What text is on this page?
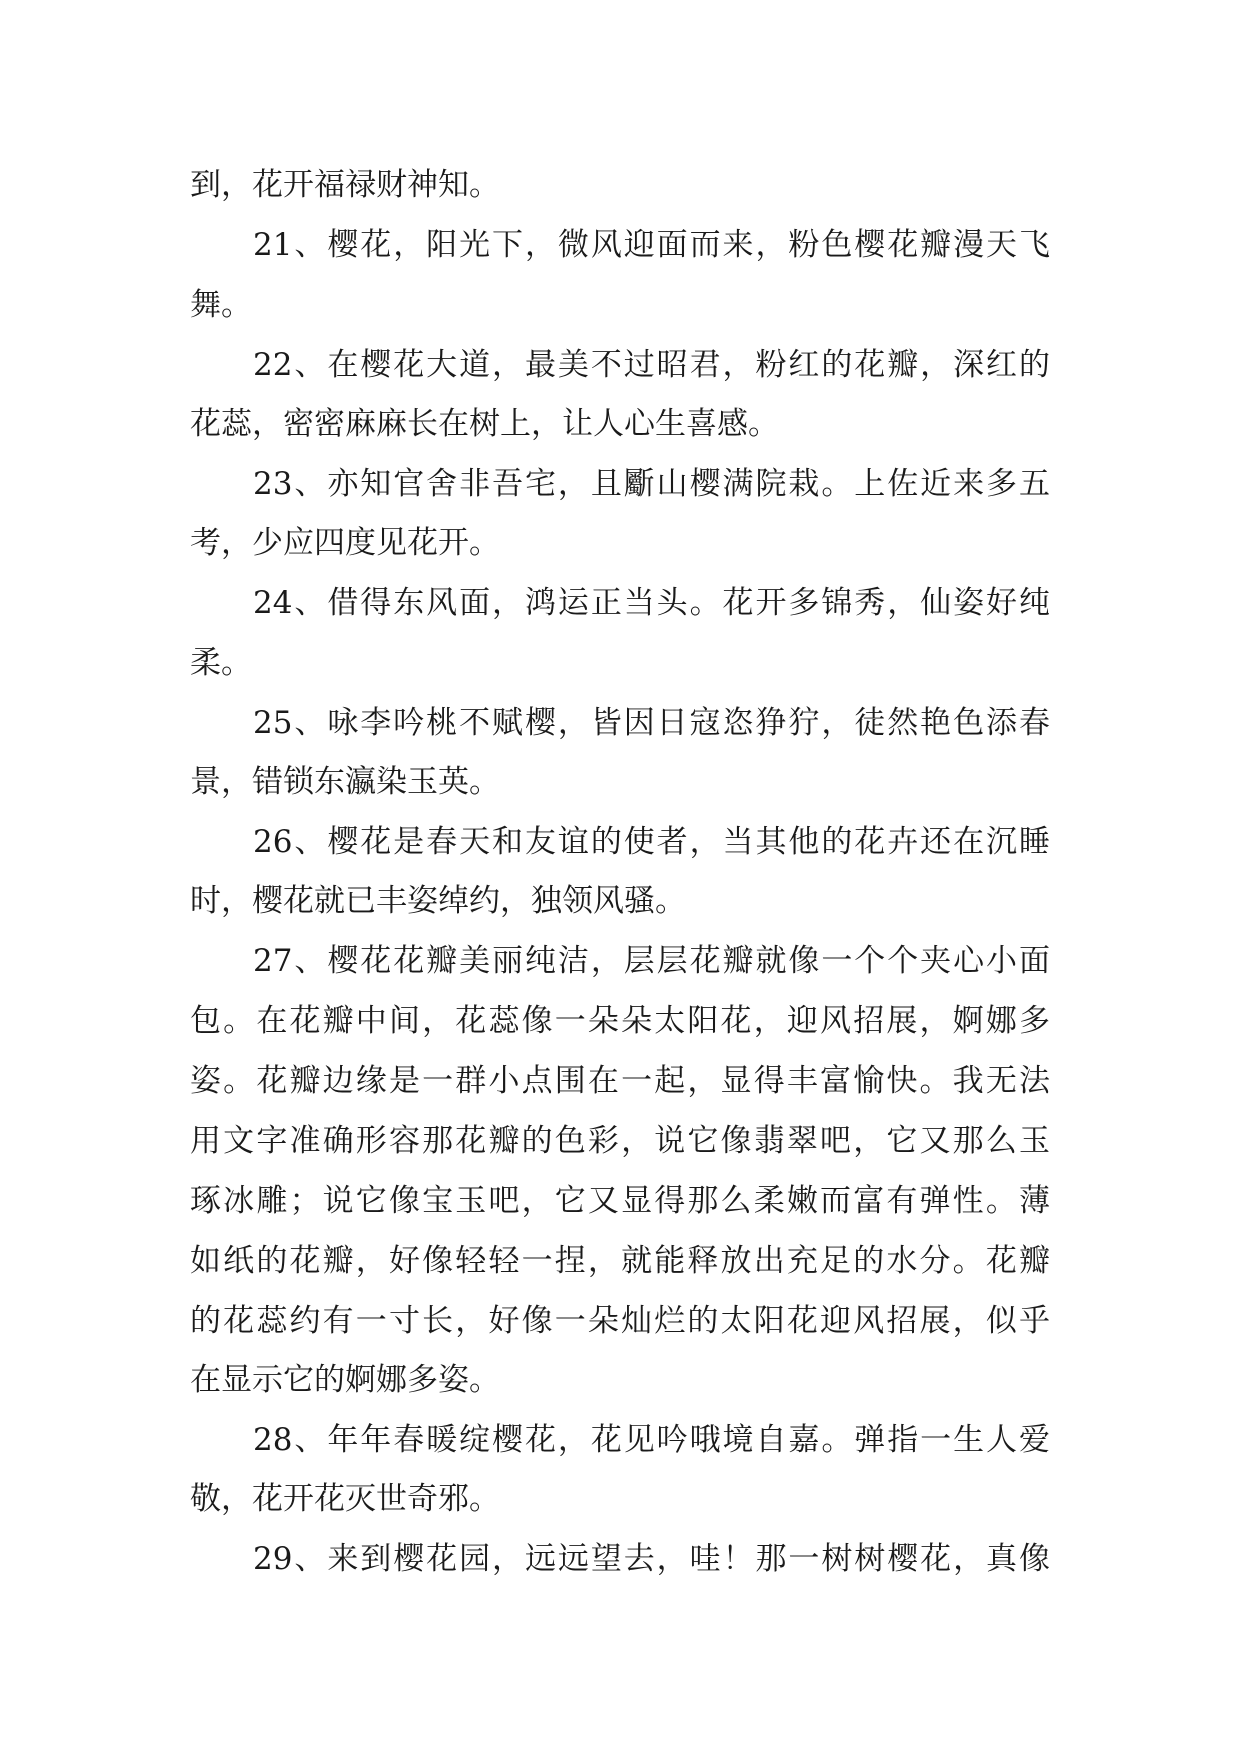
到，花开福禄财神知。
21、樱花，阳光下，微风迎面而来，粉色樱花瓣漫天飞
舞。
22、在樱花大道，最美不过昭君，粉红的花瓣，深红的
花蕊，密密麻麻长在树上，让人心生喜感。
23、亦知官舍非吾宅，且斸山樱满院栽。上佐近来多五
考，少应四度见花开。
24、借得东风面，鸿运正当头。花开多锦秀，仙姿好纯
柔。
25、咏李吟桃不赋樱，皆因日寇恣狰狞，徒然艳色添春
景，错锁东瀛染玉英。
26、樱花是春天和友谊的使者，当其他的花卉还在沉睡
时，樱花就已丰姿绰约，独领风骚。
27、樱花花瓣美丽纯洁，层层花瓣就像一个个夹心小面
包。在花瓣中间，花蕊像一朵朵太阳花，迎风招展，婀娜多
姿。花瓣边缘是一群小点围在一起，显得丰富愉快。我无法
用文字准确形容那花瓣的色彩，说它像翡翠吧，它又那么玉
琢冰雕；说它像宝玉吧，它又显得那么柔嫩而富有弹性。薄
如纸的花瓣，好像轻轻一捏，就能释放出充足的水分。花瓣
的花蕊约有一寸长，好像一朵灿烂的太阳花迎风招展，似乎
在显示它的婀娜多姿。
28、年年春暖绽樱花，花见吟哦境自嘉。弹指一生人爱
敬，花开花灭世奇邪。
29、来到樱花园，远远望去，哇！那一树树樱花，真像
